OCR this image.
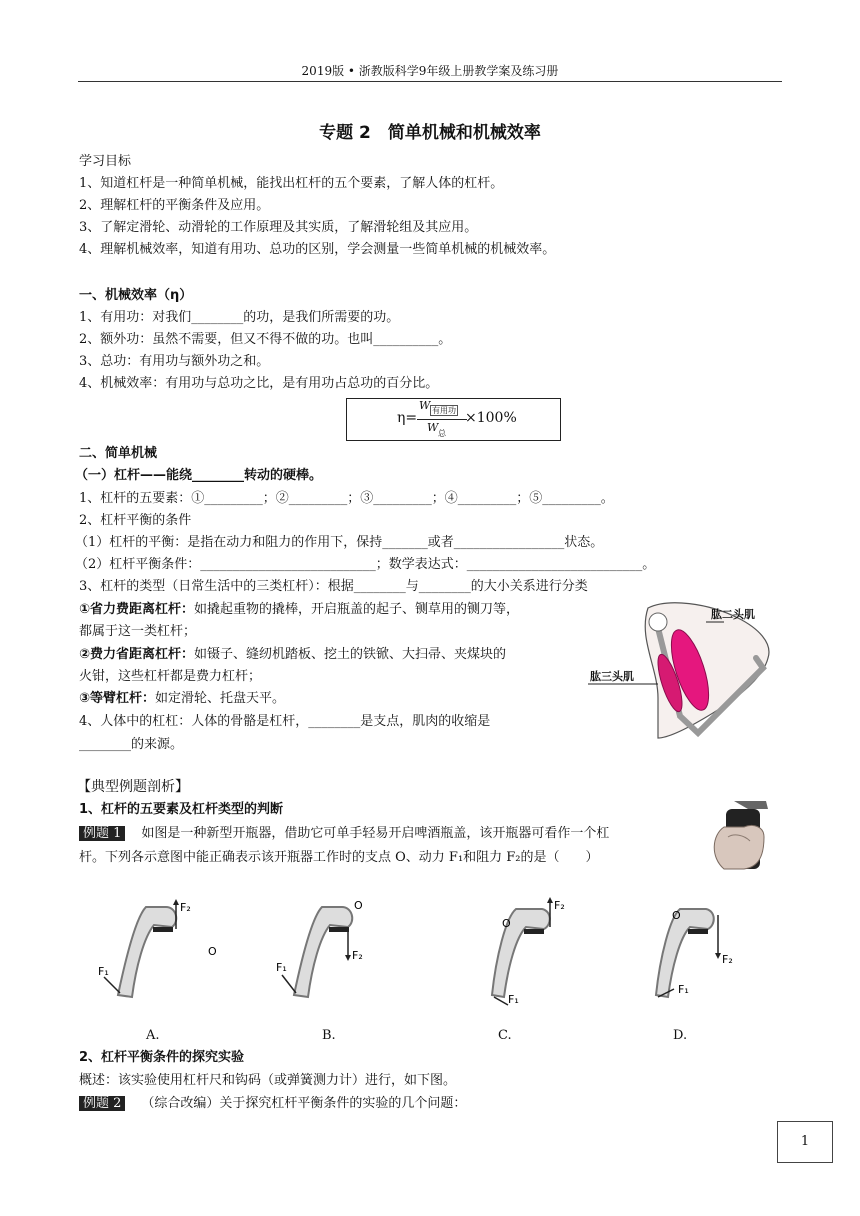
2019版 • 浙教版科学9年级上册教学案及练习册
专题 2　简单机械和机械效率
学习目标
1、知道杠杆是一种简单机械，能找出杠杆的五个要素，了解人体的杠杆。
2、理解杠杆的平衡条件及应用。
3、了解定滑轮、动滑轮的工作原理及其实质，了解滑轮组及其应用。
4、理解机械效率，知道有用功、总功的区别，学会测量一些简单机械的机械效率。
一、机械效率（η）
1、有用功：对我们________的功，是我们所需要的功。
2、额外功：虽然不需要，但又不得不做的功。也叫__________。
3、总功：有用功与额外功之和。
4、机械效率：有用功与总功之比，是有用功占总功的百分比。
η=
W 有用功
W 总
×100%
二、简单机械
（一）杠杆——能绕________转动的硬棒。
1、杠杆的五要素：①_________；②_________；③_________；④_________；⑤_________。
2、杠杆平衡的条件
（1）杠杆的平衡：是指在动力和阻力的作用下，保持_______或者_________________状态。
（2）杠杆平衡条件：___________________________；数学表达式：___________________________。
3、杠杆的类型（日常生活中的三类杠杆）：根据________与________的大小关系进行分类
①省力费距离杠杆：如撬起重物的撬棒，开启瓶盖的起子、铡草用的铡刀等，
都属于这一类杠杆；
②费力省距离杠杆：如镊子、缝纫机踏板、挖土的铁锨、大扫帚、夹煤块的
火钳，这些杠杆都是费力杠杆；
③等臂杠杆：如定滑轮、托盘天平。
4、人体中的杠杠：人体的骨骼是杠杆，________是支点，肌肉的收缩是
________的来源。
肱二头肌
肱三头肌
【典型例题剖析】
1、杠杆的五要素及杠杆类型的判断
例题 1 如图是一种新型开瓶器，借助它可单手轻易开启啤酒瓶盖，该开瓶器可看作一个杠
杆。下列各示意图中能正确表示该开瓶器工作时的支点 O、动力 F₁和阻力 F₂的是（　　）
F₂
O
F₁
F₂
O
F₁
F₂
O
F₁
F₂
O
F₁
A.	B.	C.	D.
2、杠杆平衡条件的探究实验
概述：该实验使用杠杆尺和钩码（或弹簧测力计）进行，如下图。
例题 2 （综合改编）关于探究杠杆平衡条件的实验的几个问题：
1
